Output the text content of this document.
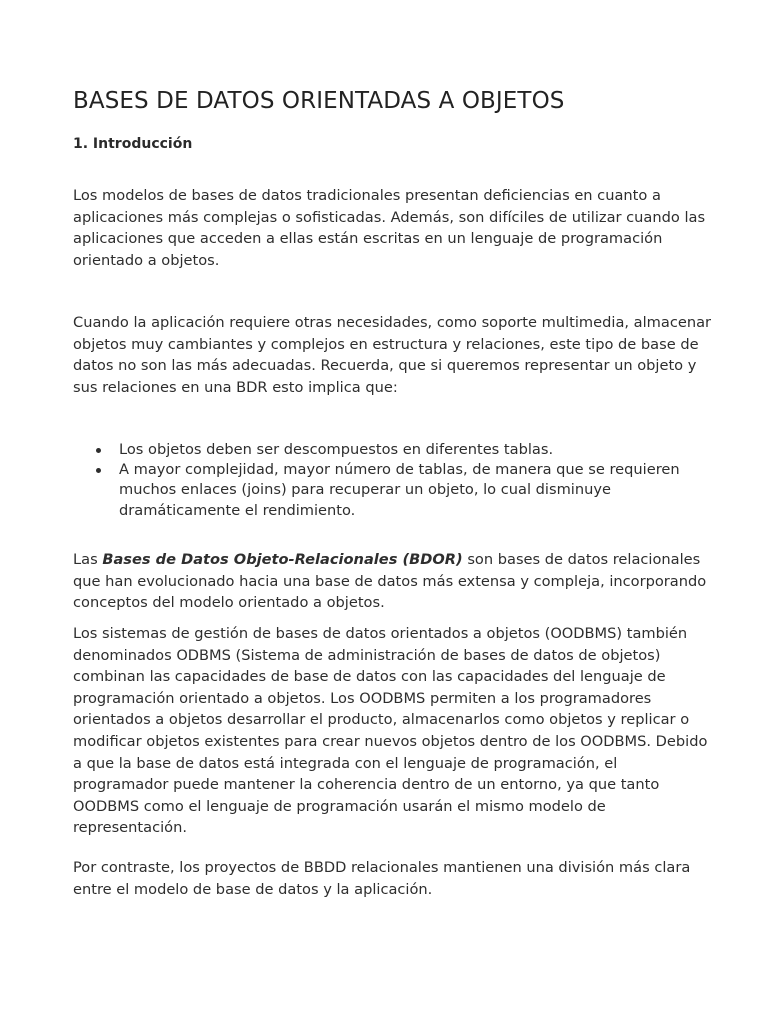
BASES DE DATOS ORIENTADAS A OBJETOS
1. Introducción

Los modelos de bases de datos tradicionales presentan deficiencias en cuanto a aplicaciones más complejas o sofisticadas. Además, son difíciles de utilizar cuando las aplicaciones que acceden a ellas están escritas en un lenguaje de programación orientado a objetos.

Cuando la aplicación requiere otras necesidades, como soporte multimedia, almacenar objetos muy cambiantes y complejos en estructura y relaciones, este tipo de base de datos no son las más adecuadas. Recuerda, que si queremos representar un objeto y sus relaciones en una BDR esto implica que:

Los objetos deben ser descompuestos en diferentes tablas.
A mayor complejidad, mayor número de tablas, de manera que se requieren muchos enlaces (joins) para recuperar un objeto, lo cual disminuye dramáticamente el rendimiento.

Las Bases de Datos Objeto-Relacionales (BDOR) son bases de datos relacionales que han evolucionado hacia una base de datos más extensa y compleja, incorporando conceptos del modelo orientado a objetos.

Los sistemas de gestión de bases de datos orientados a objetos (OODBMS) también denominados ODBMS (Sistema de administración de bases de datos de objetos) combinan las capacidades de base de datos con las capacidades del lenguaje de programación orientado a objetos. Los OODBMS permiten a los programadores orientados a objetos desarrollar el producto, almacenarlos como objetos y replicar o modificar objetos existentes para crear nuevos objetos dentro de los OODBMS. Debido a que la base de datos está integrada con el lenguaje de programación, el programador puede mantener la coherencia dentro de un entorno, ya que tanto OODBMS como el lenguaje de programación usarán el mismo modelo de representación.

Por contraste, los proyectos de BBDD relacionales mantienen una división más clara entre el modelo de base de datos y la aplicación.
